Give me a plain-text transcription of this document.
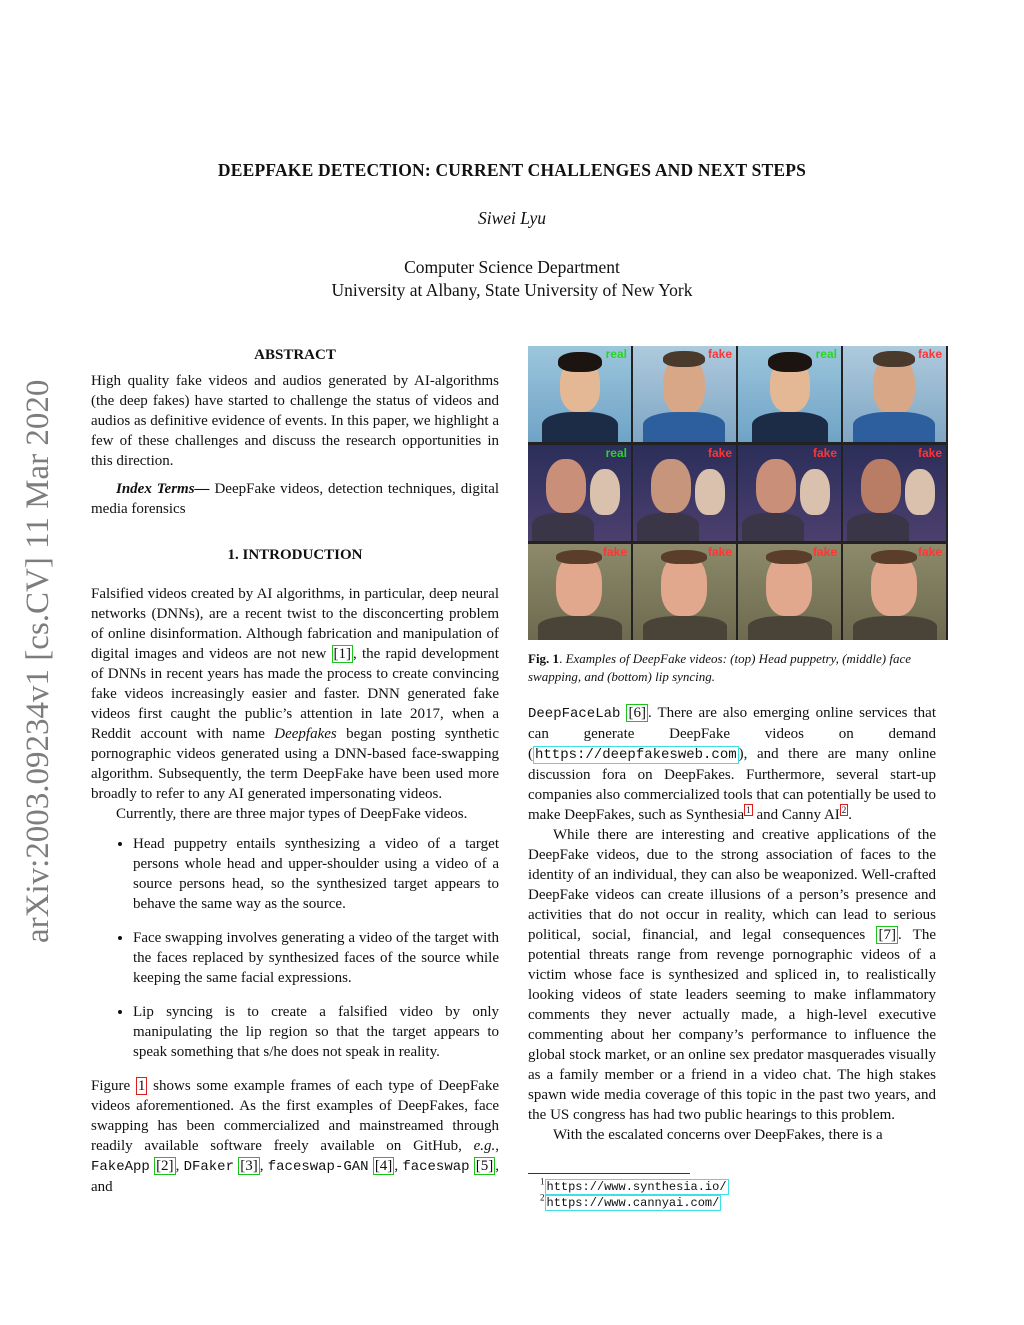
arXiv:2003.09234v1 [cs.CV] 11 Mar 2020
DEEPFAKE DETECTION: CURRENT CHALLENGES AND NEXT STEPS
Siwei Lyu
Computer Science Department
University at Albany, State University of New York
ABSTRACT

High quality fake videos and audios generated by AI-algorithms (the deep fakes) have started to challenge the status of videos and audios as definitive evidence of events. In this paper, we highlight a few of these challenges and discuss the research opportunities in this direction.

Index Terms— DeepFake videos, detection techniques, digital media forensics

1. INTRODUCTION

Falsified videos created by AI algorithms, in particular, deep neural networks (DNNs), are a recent twist to the disconcerting problem of online disinformation. Although fabrication and manipulation of digital images and videos are not new [1] , the rapid development of DNNs in recent years has made the process to create convincing fake videos increasingly easier and faster. DNN generated fake videos first caught the public’s attention in late 2017, when a Reddit account with name Deepfakes began posting synthetic pornographic videos generated using a DNN-based face-swapping algorithm. Subsequently, the term DeepFake have been used more broadly to refer to any AI generated impersonating videos.

Currently, there are three major types of DeepFake videos.

• Head puppetry entails synthesizing a video of a target persons whole head and upper-shoulder using a video of a source persons head, so the synthesized target appears to behave the same way as the source.
• Face swapping involves generating a video of the target with the faces replaced by synthesized faces of the source while keeping the same facial expressions.
• Lip syncing is to create a falsified video by only manipulating the lip region so that the target appears to speak something that s/he does not speak in reality.

Figure 1 shows some example frames of each type of DeepFake videos aforementioned. As the first examples of DeepFakes, face swapping has been commercialized and mainstreamed through readily available software freely available on GitHub, e.g., FakeApp [2] , DFaker [3] , faceswap-GAN [4] , faceswap [5] , and

real	fake	real	fake
real	fake	fake	fake
fake	fake	fake	fake
Fig. 1. Examples of DeepFake videos: (top) Head puppetry, (middle) face swapping, and (bottom) lip syncing.

DeepFaceLab [6] . There are also emerging online services that can generate DeepFake videos on demand ( https://deepfakesweb.com ), and there are many online discussion fora on DeepFakes. Furthermore, several start-up companies also commercialized tools that can potentially be used to make DeepFakes, such as Synthesia $^1$ and Canny AI $^2$ .

While there are interesting and creative applications of the DeepFake videos, due to the strong association of faces to the identity of an individual, they can also be weaponized. Well-crafted DeepFake videos can create illusions of a person’s presence and activities that do not occur in reality, which can lead to serious political, social, financial, and legal consequences [7] . The potential threats range from revenge pornographic videos of a victim whose face is synthesized and spliced in, to realistically looking videos of state leaders seeming to make inflammatory comments they never actually made, a high-level executive commenting about her company’s performance to influence the global stock market, or an online sex predator masquerades visually as a family member or a friend in a video chat. The high stakes spawn wide media coverage of this topic in the past two years, and the US congress has had two public hearings to this problem.

With the escalated concerns over DeepFakes, there is a

$^1$ https://www.synthesia.io/
$^2$ https://www.cannyai.com/
